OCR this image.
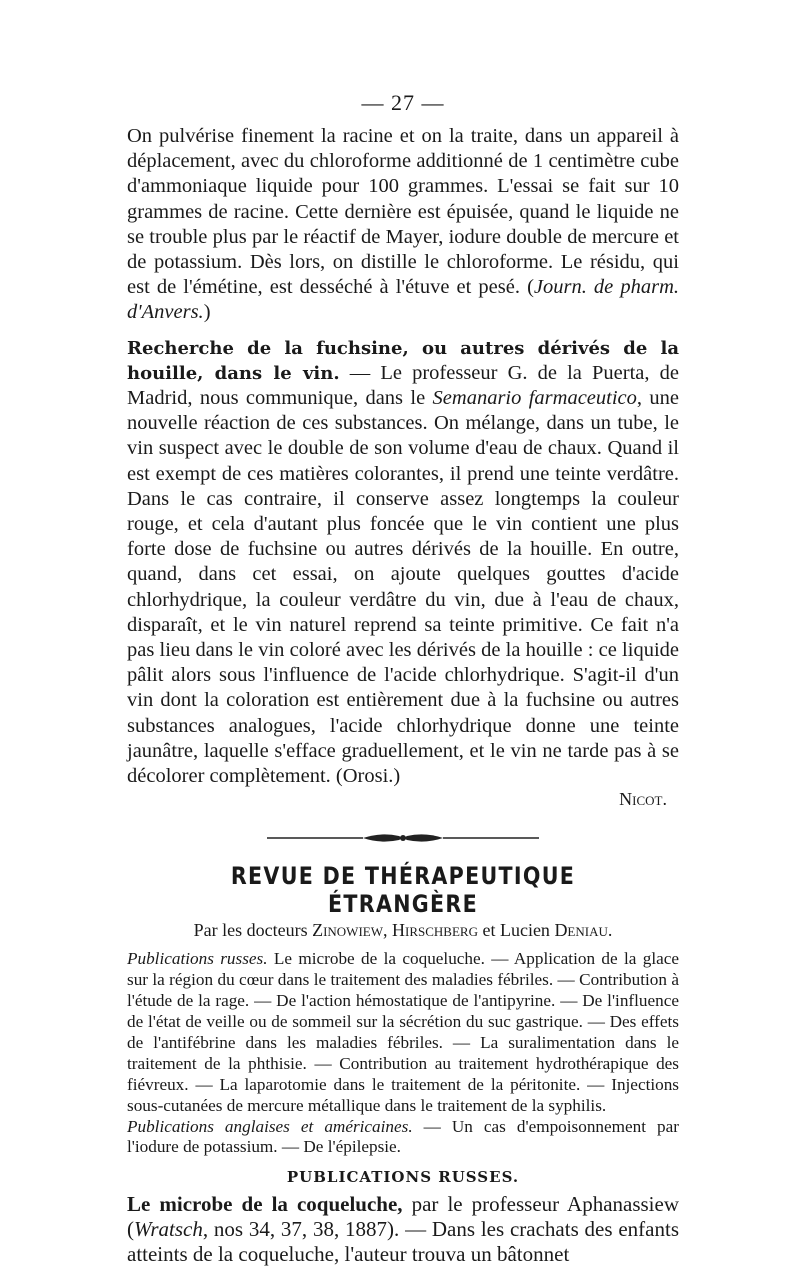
— 27 —

On pulvérise finement la racine et on la traite, dans un appareil à déplacement, avec du chloroforme additionné de 1 centimètre cube d'ammoniaque liquide pour 100 grammes. L'essai se fait sur 10 grammes de racine. Cette dernière est épuisée, quand le liquide ne se trouble plus par le réactif de Mayer, iodure double de mercure et de potassium. Dès lors, on distille le chloroforme. Le résidu, qui est de l'émétine, est desséché à l'étuve et pesé. (Journ. de pharm. d'Anvers.)

Recherche de la fuchsine, ou autres dérivés de la houille, dans le vin. — Le professeur G. de la Puerta, de Madrid, nous communique, dans le Semanario farmaceutico, une nouvelle réaction de ces substances. On mélange, dans un tube, le vin suspect avec le double de son volume d'eau de chaux. Quand il est exempt de ces matières colorantes, il prend une teinte verdâtre. Dans le cas contraire, il conserve assez longtemps la couleur rouge, et cela d'autant plus foncée que le vin contient une plus forte dose de fuchsine ou autres dérivés de la houille. En outre, quand, dans cet essai, on ajoute quelques gouttes d'acide chlorhydrique, la couleur verdâtre du vin, due à l'eau de chaux, disparaît, et le vin naturel reprend sa teinte primitive. Ce fait n'a pas lieu dans le vin coloré avec les dérivés de la houille : ce liquide pâlit alors sous l'influence de l'acide chlorhydrique. S'agit-il d'un vin dont la coloration est entièrement due à la fuchsine ou autres substances analogues, l'acide chlorhydrique donne une teinte jaunâtre, laquelle s'efface graduellement, et le vin ne tarde pas à se décolorer complètement. (Orosi.)

Nicot.
REVUE DE THÉRAPEUTIQUE ÉTRANGÈRE
Par les docteurs Zinowiew, Hirschberg et Lucien Deniau.

Publications russes. Le microbe de la coqueluche. — Application de la glace sur la région du cœur dans le traitement des maladies fébriles. — Contribution à l'étude de la rage. — De l'action hémostatique de l'antipyrine. — De l'influence de l'état de veille ou de sommeil sur la sécrétion du suc gastrique. — Des effets de l'antifébrine dans les maladies fébriles. — La suralimentation dans le traitement de la phthisie. — Contribution au traitement hydrothérapique des fiévreux. — La laparotomie dans le traitement de la péritonite. — Injections sous-cutanées de mercure métallique dans le traitement de la syphilis.

Publications anglaises et américaines. — Un cas d'empoisonnement par l'iodure de potassium. — De l'épilepsie.

PUBLICATIONS RUSSES.

Le microbe de la coqueluche, par le professeur Aphanassiew (Wratsch, nos 34, 37, 38, 1887). — Dans les crachats des enfants atteints de la coqueluche, l'auteur trouva un bâtonnet
